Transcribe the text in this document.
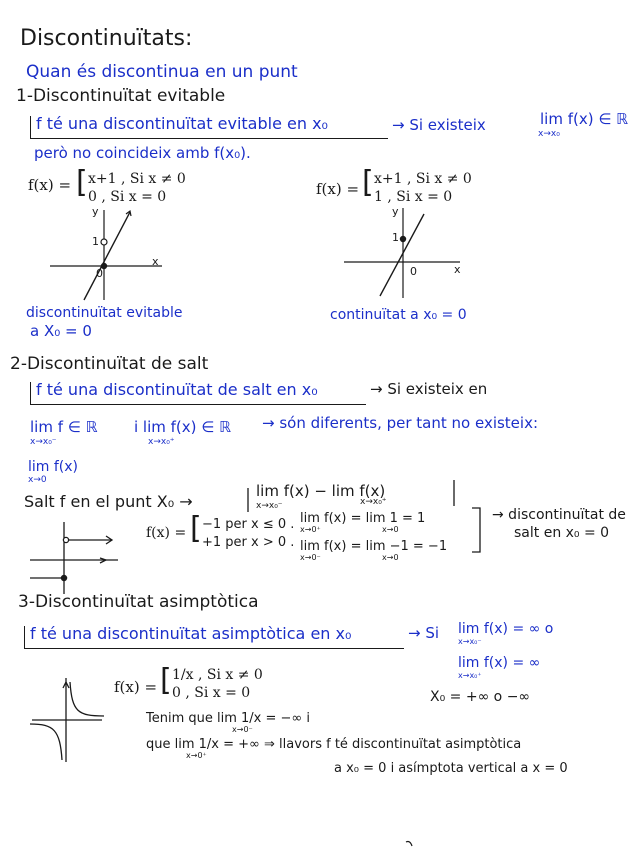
Discontinuïtats:
Quan és discontinua en un punt
1-Discontinuïtat evitable
f té una discontinuïtat evitable en x₀	→ Si existeix	lim f(x) ∈ ℝ
x→x₀
però no coincideix amb f(x₀).
f(x) = [ x+1 , Si x ≠ 0
0 , Si x = 0	f(x) = [ x+1 , Si x ≠ 0
1 , Si x = 0
y
x
1
0
y
x
1
0
discontinuïtat evitable
a X₀ = 0
continuïtat a x₀ = 0
2-Discontinuïtat de salt
f té una discontinuïtat de salt en x₀	→ Si existeix en
lim f ∈ ℝ
x→x₀⁻
i lim f(x) ∈ ℝ
x→x₀⁺
→ són diferents, per tant no existeix:
lim f(x)
x→0
Salt f en el punt X₀ →
lim f(x) − lim f(x)
x→x₀⁻	x→x₀⁺
f(x) = [ −1 per x ≤ 0 .
+1 per x > 0 .
lim f(x) = lim 1 = 1
x→0⁺	x→0
lim f(x) = lim −1 = −1
x→0⁻	x→0
→ discontinuïtat de
salt en x₀ = 0
3-Discontinuïtat asimptòtica
f té una discontinuïtat asimptòtica en x₀	→ Si lim f(x) = ∞ o
x→x₀⁻
lim f(x) = ∞
x→x₀⁺
X₀ = +∞ o −∞
f(x) = [ 1/x , Si x ≠ 0
0 , Si x = 0
Tenim que lim 1/x = −∞ i
x→0⁻
que lim 1/x = +∞ ⇒ llavors f té discontinuïtat asimptòtica
x→0⁺
a x₀ = 0 i asímptota vertical a x = 0
